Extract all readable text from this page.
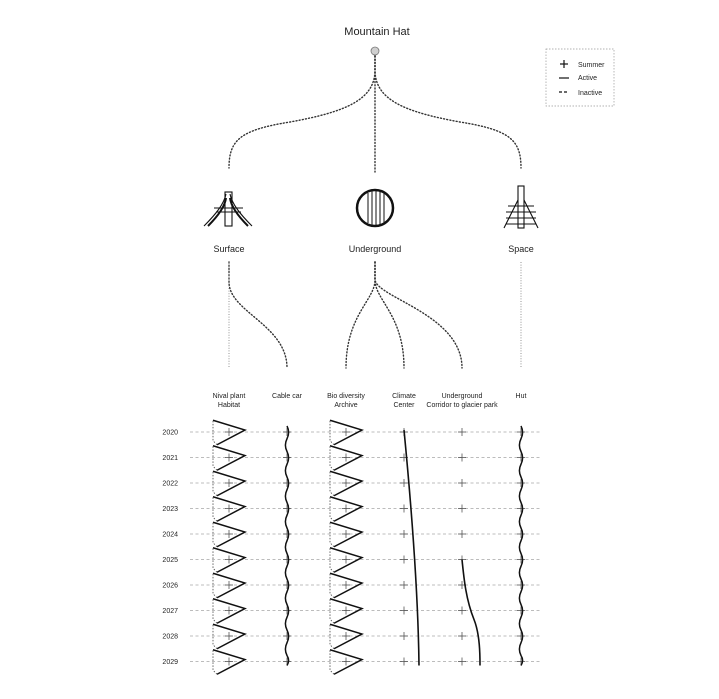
Mountain Hat
Summer
Active
Inactive
Surface	Underground	Space
Nival plant
Habitat
Cable car	Bio diversity
Archive
Climate
Center
Underground
Corridor to glacier park
Hut
2020
2021
2022
2023
2024
2025
2026
2027
2028
2029
